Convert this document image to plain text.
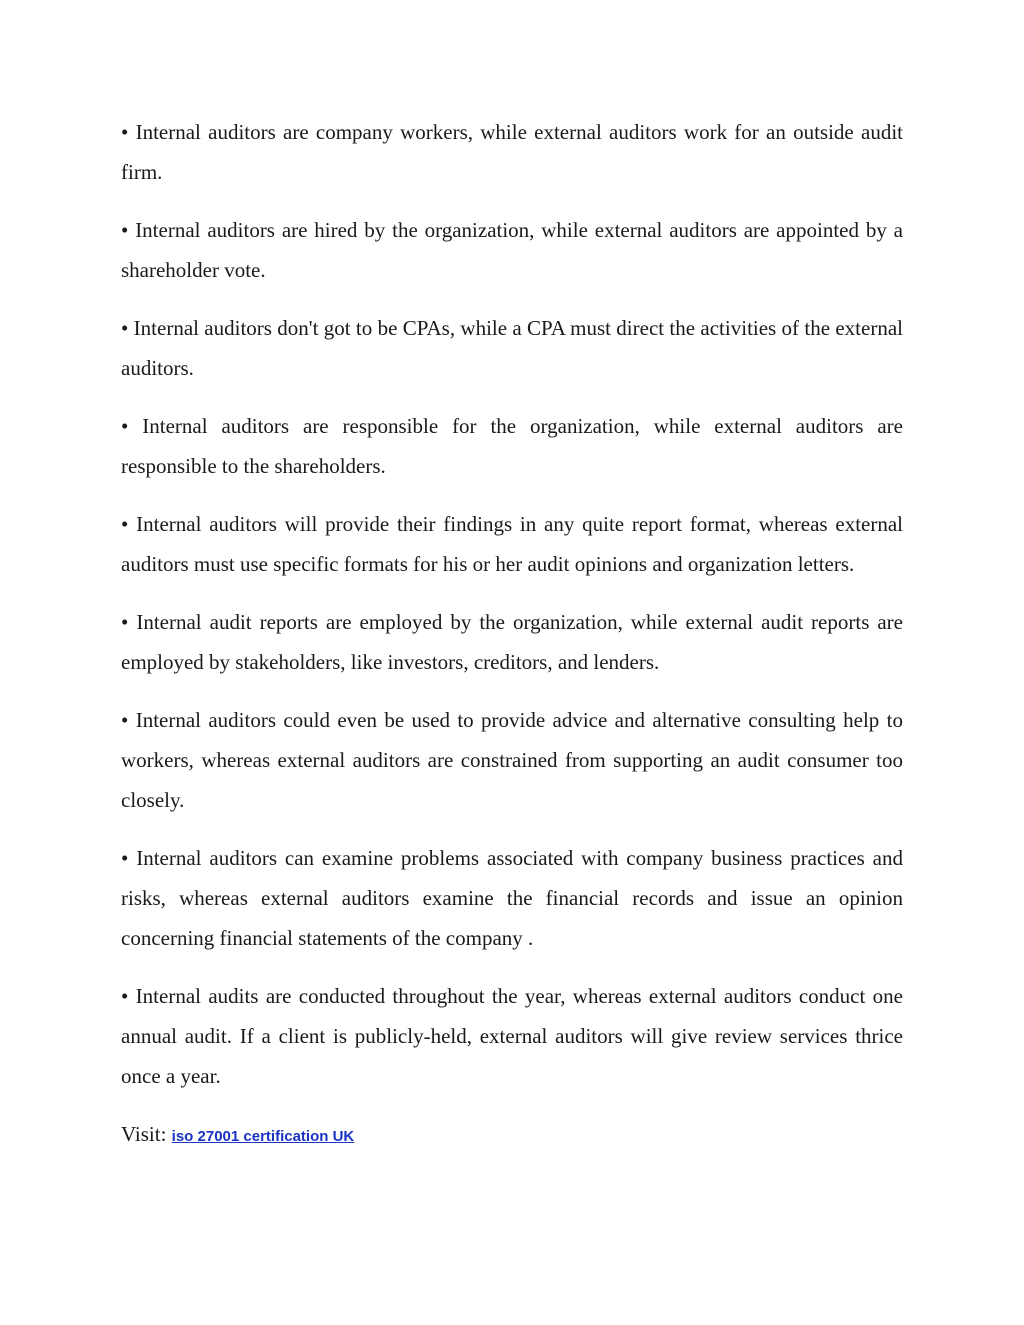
• Internal auditors are company workers, while external auditors work for an outside audit firm.

• Internal auditors are hired by the organization, while external auditors are appointed by a shareholder vote.

• Internal auditors don't got to be CPAs, while a CPA must direct the activities of the external auditors.

• Internal auditors are responsible for the organization, while external auditors are responsible to the shareholders.

• Internal auditors will provide their findings in any quite report format, whereas external auditors must use specific formats for his or her audit opinions and organization letters.

• Internal audit reports are employed by the organization, while external audit reports are employed by stakeholders, like investors, creditors, and lenders.

• Internal auditors could even be used to provide advice and alternative consulting help to workers, whereas external auditors are constrained from supporting an audit consumer too closely.

• Internal auditors can examine problems associated with company business practices and risks, whereas external auditors examine the financial records and issue an opinion concerning financial statements of the company .

• Internal audits are conducted throughout the year, whereas external auditors conduct one annual audit. If a client is publicly-held, external auditors will give review services thrice once a year.

Visit: iso 27001 certification UK
